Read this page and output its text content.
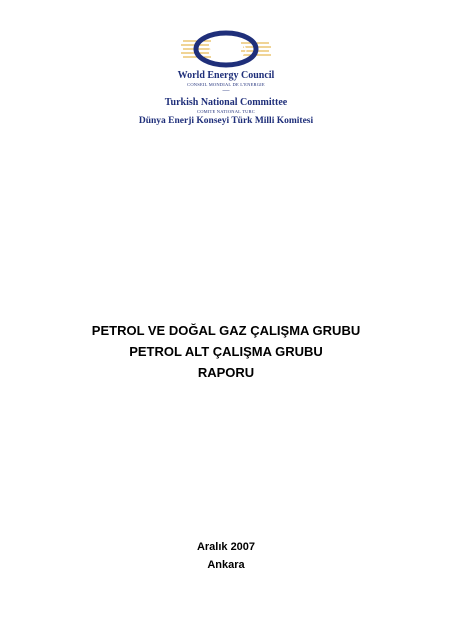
World Energy Council
CONSEIL MONDIAL DE L'ENERGIE
—
Turkish National Committee
COMITE NATIONAL TURC
Dünya Enerji Konseyi Türk Milli Komitesi
PETROL VE DOĞAL GAZ ÇALIŞMA GRUBU
PETROL ALT ÇALIŞMA GRUBU
RAPORU
Aralık 2007
Ankara
